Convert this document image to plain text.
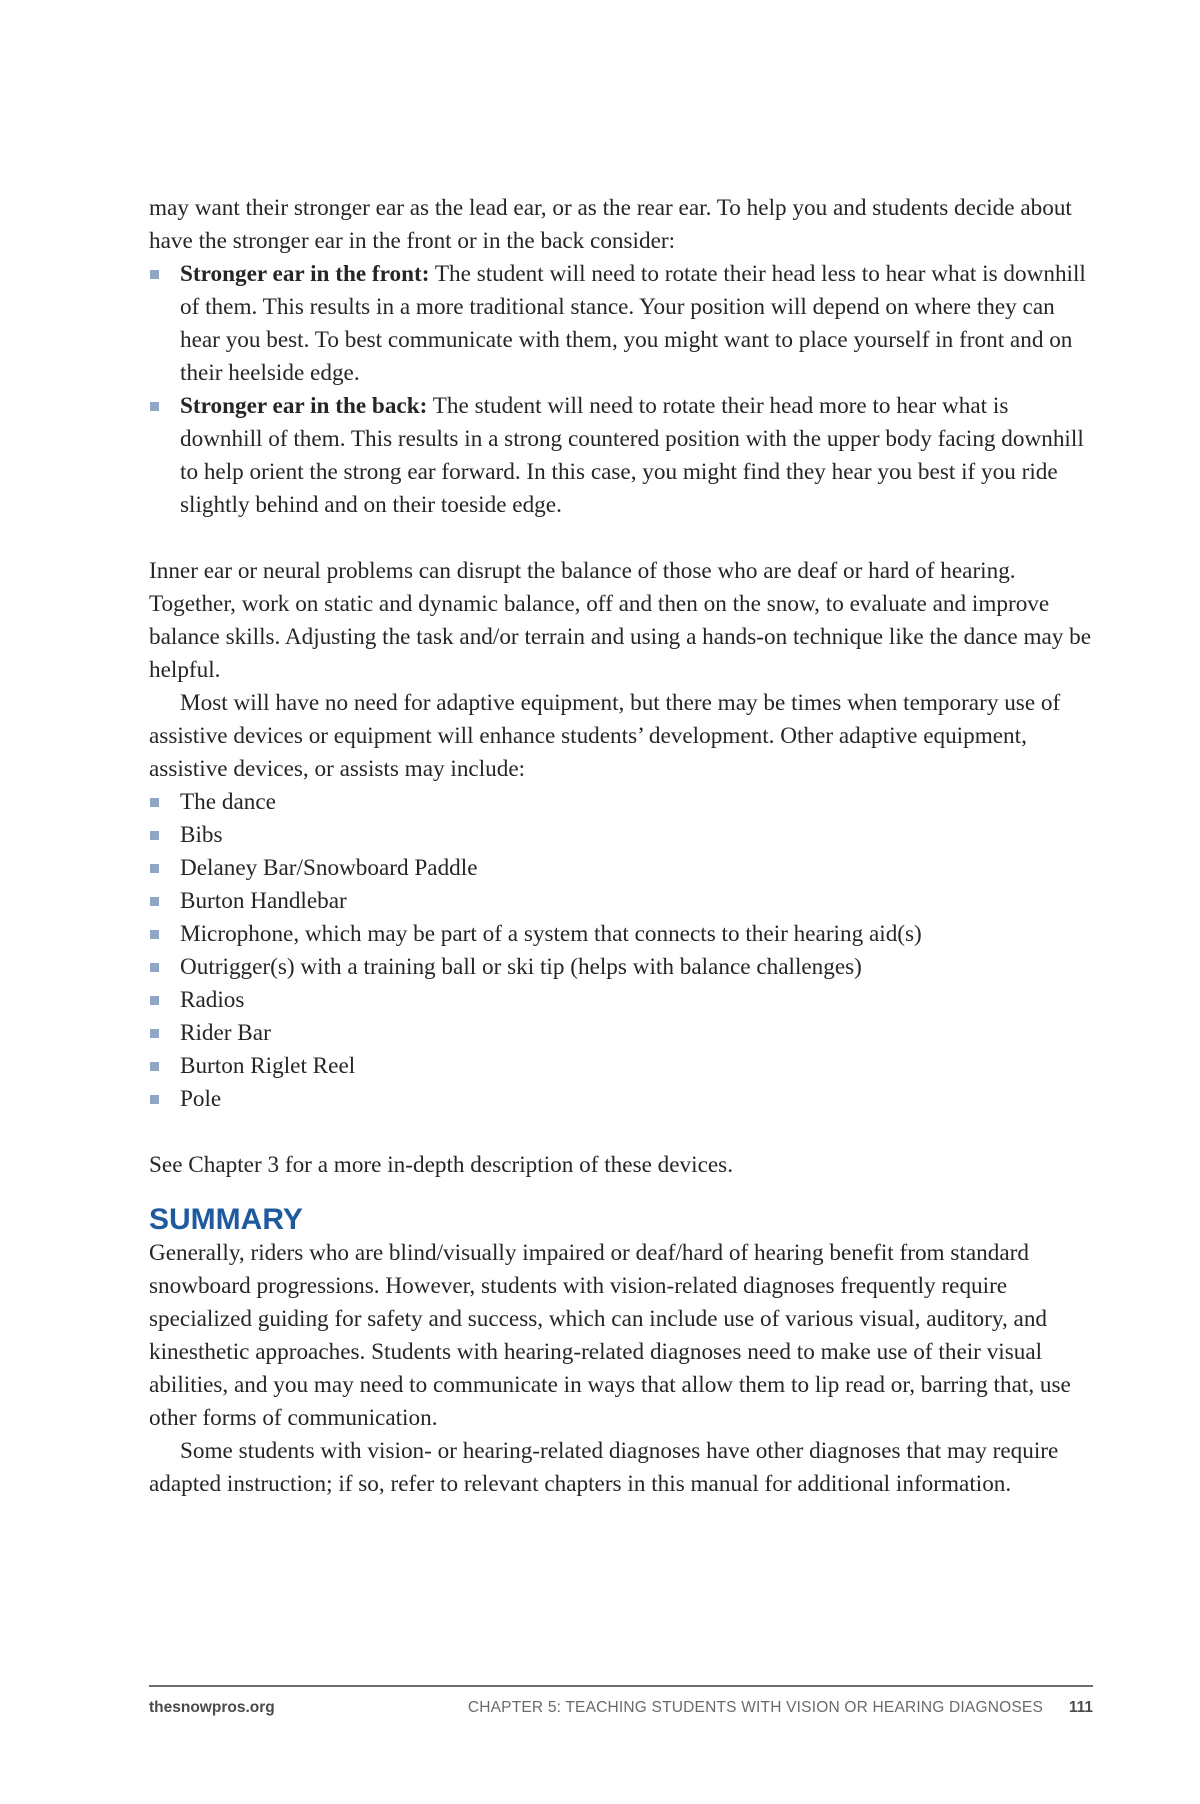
may want their stronger ear as the lead ear, or as the rear ear. To help you and students decide about have the stronger ear in the front or in the back consider:

Stronger ear in the front: The student will need to rotate their head less to hear what is downhill of them. This results in a more traditional stance. Your position will depend on where they can hear you best. To best communicate with them, you might want to place yourself in front and on their heelside edge.
Stronger ear in the back: The student will need to rotate their head more to hear what is downhill of them. This results in a strong countered position with the upper body facing downhill to help orient the strong ear forward. In this case, you might find they hear you best if you ride slightly behind and on their toeside edge.

Inner ear or neural problems can disrupt the balance of those who are deaf or hard of hearing. Together, work on static and dynamic balance, off and then on the snow, to evaluate and improve balance skills. Adjusting the task and/or terrain and using a hands-on technique like the dance may be helpful.

Most will have no need for adaptive equipment, but there may be times when temporary use of assistive devices or equipment will enhance students’ development. Other adaptive equipment, assistive devices, or assists may include:

The dance
Bibs
Delaney Bar/Snowboard Paddle
Burton Handlebar
Microphone, which may be part of a system that connects to their hearing aid(s)
Outrigger(s) with a training ball or ski tip (helps with balance challenges)
Radios
Rider Bar
Burton Riglet Reel
Pole

See Chapter 3 for a more in-depth description of these devices.

SUMMARY

Generally, riders who are blind/visually impaired or deaf/hard of hearing benefit from standard snowboard progressions. However, students with vision-related diagnoses frequently require specialized guiding for safety and success, which can include use of various visual, auditory, and kinesthetic approaches. Students with hearing-related diagnoses need to make use of their visual abilities, and you may need to communicate in ways that allow them to lip read or, barring that, use other forms of communication.

Some students with vision- or hearing-related diagnoses have other diagnoses that may require adapted instruction; if so, refer to relevant chapters in this manual for additional information.

thesnowpros.org	CHAPTER 5: TEACHING STUDENTS WITH VISION OR HEARING DIAGNOSES 111
